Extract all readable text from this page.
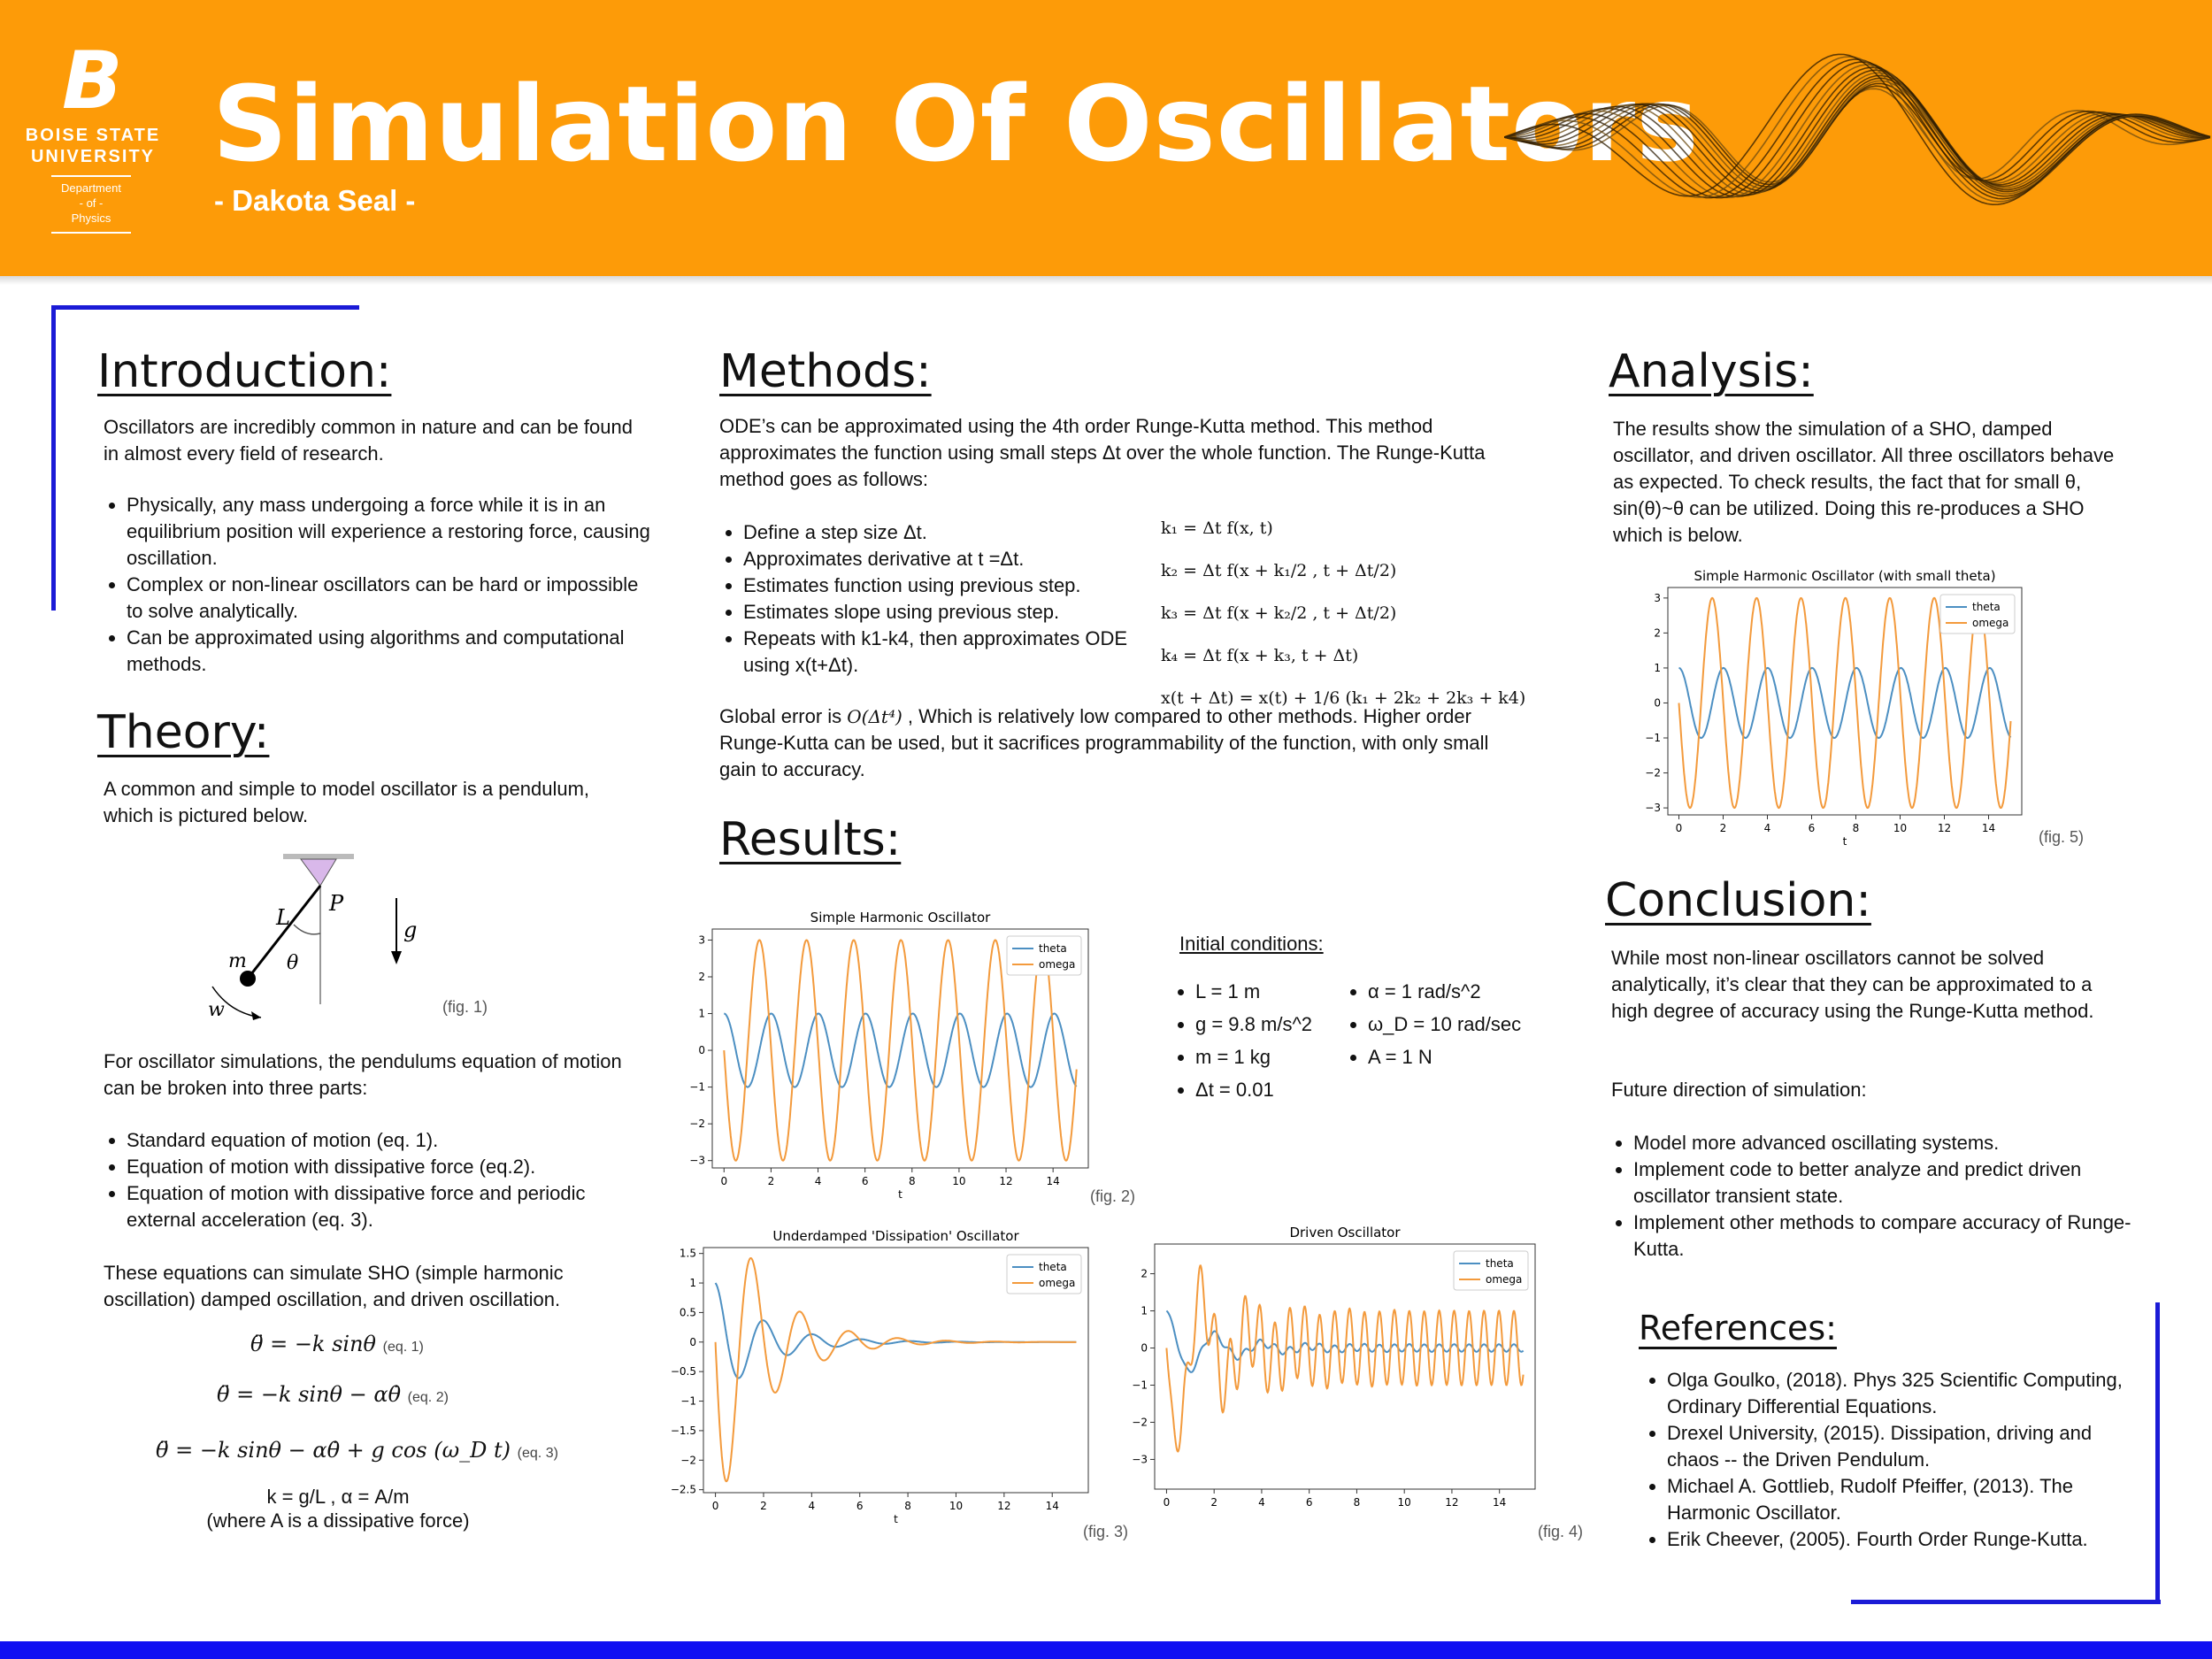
B
BOISE STATE
UNIVERSITY
Department
- of -
Physics
Simulation Of Oscillators
- Dakota Seal -
Introduction:
Oscillators are incredibly common in nature and can be found in almost every field of research.
• Physically, any mass undergoing a force while it is in an equilibrium position will experience a restoring force, causing oscillation.
• Complex or non-linear oscillators can be hard or impossible to solve analytically.
• Can be approximated using algorithms and computational methods.
Theory:
A common and simple to model oscillator is a pendulum, which is pictured below.
P
L
m θ
g
w	(fig. 1)
For oscillator simulations, the pendulums equation of motion can be broken into three parts:
• Standard equation of motion (eq. 1).
• Equation of motion with dissipative force (eq.2).
• Equation of motion with dissipative force and periodic external acceleration (eq. 3).
These equations can simulate SHO (simple harmonic oscillation) damped oscillation, and driven oscillation.
θ̈ = −k sinθ (eq. 1)
θ̈ = −k sinθ − αθ̇ (eq. 2)
θ̈ = −k sinθ − αθ̇ + g cos (ω_D t) (eq. 3)
k = g/L , α = A/m
(where A is a dissipative force)
Methods:
ODE’s can be approximated using the 4th order Runge-Kutta method. This method approximates the function using small steps Δt over the whole function. The Runge-Kutta method goes as follows:
• Define a step size Δt.
• Approximates derivative at t =Δt.
• Estimates function using previous step.
• Estimates slope using previous step.
• Repeats with k1-k4, then approximates ODE using x(t+Δt).
k₁ = Δt f(x, t)
k₂ = Δt f(x + k₁/2 , t + Δt/2)
k₃ = Δt f(x + k₂/2 , t + Δt/2)
k₄ = Δt f(x + k₃, t + Δt)
x(t + Δt) = x(t) + 1/6 (k₁ + 2k₂ + 2k₃ + k4)
Global error is O(Δt⁴) , Which is relatively low compared to other methods. Higher order Runge-Kutta can be used, but it sacrifices programmability of the function, with only small gain to accuracy.
Results:
Simple Harmonic Oscillator
0	2	4	6	8	10	12	14
−3
−2
−1
0
1
2
3
t
theta
omega
(fig. 2)
Initial conditions:
• L = 1 m
• g = 9.8 m/s^2
• m = 1 kg
• Δt = 0.01
• α = 1 rad/s^2
• ω_D = 10 rad/sec
• A = 1 N
Underdamped 'Dissipation' Oscillator
0	2	4	6	8	10	12	14
−2.5
−2
−1.5
−1
−0.5
0
0.5
1
1.5
t
theta
omega
(fig. 3)
Driven Oscillator
0	2	4	6	8	10	12	14
−3
−2
−1
0
1
2
theta
omega
(fig. 4)
Analysis:
The results show the simulation of a SHO, damped oscillator, and driven oscillator. All three oscillators behave as expected. To check results, the fact that for small θ, sin(θ)~θ can be utilized. Doing this re-produces a SHO which is below.
Simple Harmonic Oscillator (with small theta)
0	2	4	6	8	10	12	14
−3
−2
−1
0
1
2
3
t
theta
omega
(fig. 5)
Conclusion:
While most non-linear oscillators cannot be solved analytically, it’s clear that they can be approximated to a high degree of accuracy using the Runge-Kutta method.
Future direction of simulation:
• Model more advanced oscillating systems.
• Implement code to better analyze and predict driven oscillator transient state.
• Implement other methods to compare accuracy of Runge-Kutta.
References:
• Olga Goulko, (2018). Phys 325 Scientific Computing, Ordinary Differential Equations.
• Drexel University, (2015). Dissipation, driving and chaos -- the Driven Pendulum.
• Michael A. Gottlieb, Rudolf Pfeiffer, (2013). The Harmonic Oscillator.
• Erik Cheever, (2005). Fourth Order Runge-Kutta.
